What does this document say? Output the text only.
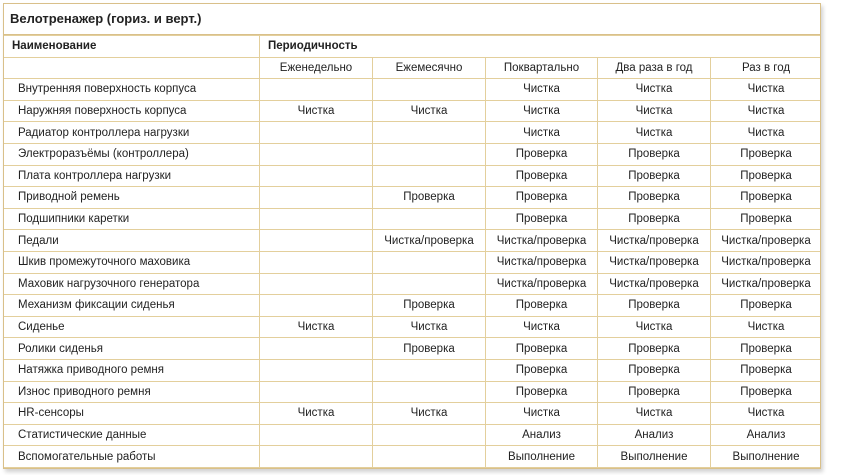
Велотренажер (гориз. и верт.)
Наименование	Периодичность				
	Еженедельно	Ежемесячно	Поквартально	Два раза в год	Раз в год
Внутренняя поверхность корпуса			Чистка	Чистка	Чистка
Наружняя поверхность корпуса	Чистка	Чистка	Чистка	Чистка	Чистка
Радиатор контроллера нагрузки			Чистка	Чистка	Чистка
Электроразъёмы (контроллера)			Проверка	Проверка	Проверка
Плата контроллера нагрузки			Проверка	Проверка	Проверка
Приводной ремень		Проверка	Проверка	Проверка	Проверка
Подшипники каретки			Проверка	Проверка	Проверка
Педали		Чистка/проверка	Чистка/проверка	Чистка/проверка	Чистка/проверка
Шкив промежуточного маховика			Чистка/проверка	Чистка/проверка	Чистка/проверка
Маховик нагрузочного генератора			Чистка/проверка	Чистка/проверка	Чистка/проверка
Механизм фиксации сиденья		Проверка	Проверка	Проверка	Проверка
Сиденье	Чистка	Чистка	Чистка	Чистка	Чистка
Ролики сиденья		Проверка	Проверка	Проверка	Проверка
Натяжка приводного ремня			Проверка	Проверка	Проверка
Износ приводного ремня			Проверка	Проверка	Проверка
HR-сенсоры	Чистка	Чистка	Чистка	Чистка	Чистка
Статистические данные			Анализ	Анализ	Анализ
Вспомогательные работы			Выполнение	Выполнение	Выполнение
